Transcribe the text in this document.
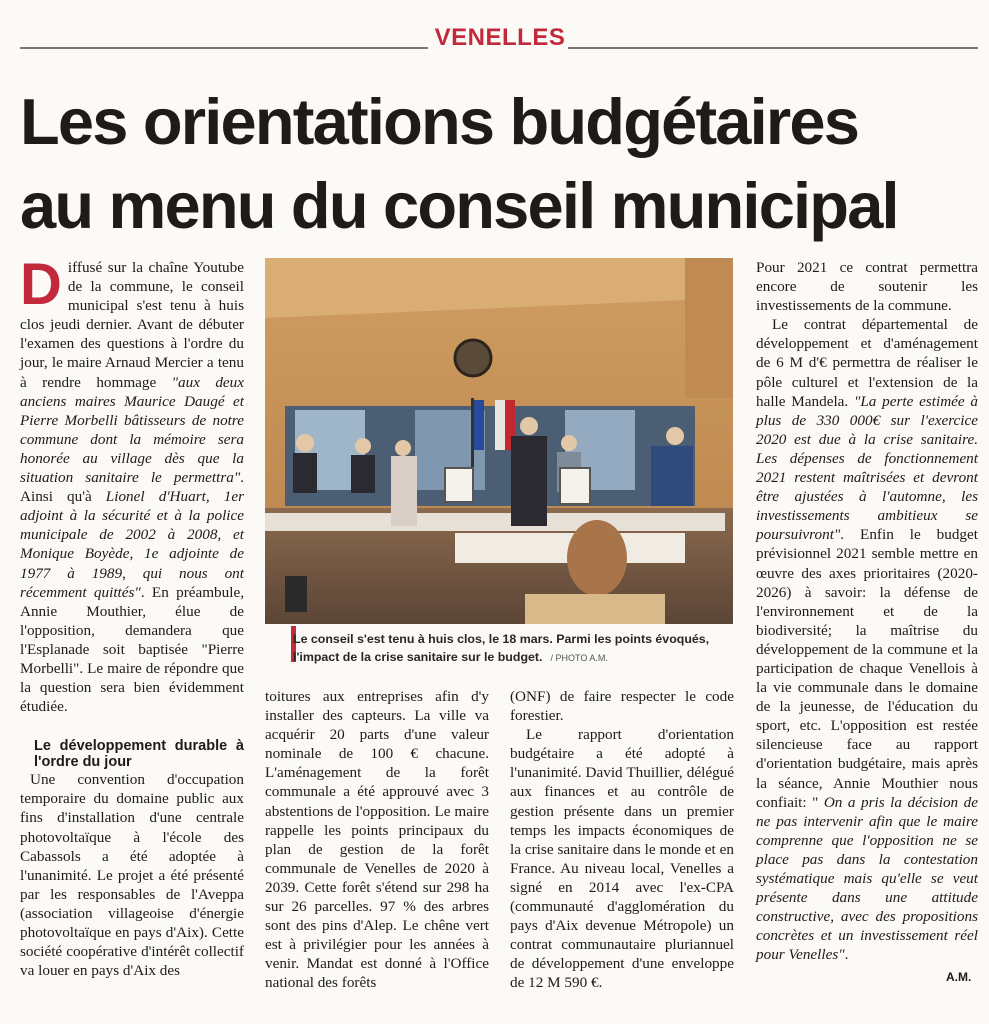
VENELLES
Les orientations budgétaires
au menu du conseil municipal

Diffusé sur la chaîne Youtube de la commune, le conseil municipal s'est tenu à huis clos jeudi dernier. Avant de débuter l'examen des questions à l'ordre du jour, le maire Arnaud Mercier a tenu à rendre hommage "aux deux anciens maires Maurice Daugé et Pierre Morbelli bâtisseurs de notre commune dont la mémoire sera honorée au village dès que la situation sanitaire le permettra". Ainsi qu'à Lionel d'Huart, 1er adjoint à la sécurité et à la police municipale de 2002 à 2008, et Monique Boyède, 1e adjointe de 1977 à 1989, qui nous ont récemment quittés". En préambule, Annie Mouthier, élue de l'opposition, demandera que l'Esplanade soit baptisée "Pierre Morbelli". Le maire de répondre que la question sera bien évidemment étudiée.

Le développement durable à l'ordre du jour

Une convention d'occupation temporaire du domaine public aux fins d'installation d'une centrale photovoltaïque à l'école des Cabassols a été adoptée à l'unanimité. Le projet a été présenté par les responsables de l'Aveppa (association villageoise d'énergie photovoltaïque en pays d'Aix). Cette société coopérative d'intérêt collectif va louer en pays d'Aix des

Le conseil s'est tenu à huis clos, le 18 mars. Parmi les points évoqués, l'impact de la crise sanitaire sur le budget. / PHOTO A.M.

toitures aux entreprises afin d'y installer des capteurs. La ville va acquérir 20 parts d'une valeur nominale de 100 € chacune. L'aménagement de la forêt communale a été approuvé avec 3 abstentions de l'opposition. Le maire rappelle les points principaux du plan de gestion de la forêt communale de Venelles de 2020 à 2039. Cette forêt s'étend sur 298 ha sur 26 parcelles. 97 % des arbres sont des pins d'Alep. Le chêne vert est à privilégier pour les années à venir. Mandat est donné à l'Office national des forêts

(ONF) de faire respecter le code forestier.

Le rapport d'orientation budgétaire a été adopté à l'unanimité. David Thuillier, délégué aux finances et au contrôle de gestion présente dans un premier temps les impacts économiques de la crise sanitaire dans le monde et en France. Au niveau local, Venelles a signé en 2014 avec l'ex-CPA (communauté d'agglomération du pays d'Aix devenue Métropole) un contrat communautaire pluriannuel de développement d'une enveloppe de 12 M 590 €.

Pour 2021 ce contrat permettra encore de soutenir les investissements de la commune.

Le contrat départemental de développement et d'aménagement de 6 M d'€ permettra de réaliser le pôle culturel et l'extension de la halle Mandela. "La perte estimée à plus de 330 000€ sur l'exercice 2020 est due à la crise sanitaire. Les dépenses de fonctionnement 2021 restent maîtrisées et devront être ajustées à l'automne, les investissements ambitieux se poursuivront". Enfin le budget prévisionnel 2021 semble mettre en œuvre des axes prioritaires (2020-2026) à savoir: la défense de l'environnement et de la biodiversité; la maîtrise du développement de la commune et la participation de chaque Venellois à la vie communale dans le domaine de la jeunesse, de l'éducation du sport, etc. L'opposition est restée silencieuse face au rapport d'orientation budgétaire, mais après la séance, Annie Mouthier nous confiait: " On a pris la décision de ne pas intervenir afin que le maire comprenne que l'opposition ne se place pas dans la contestation systématique mais qu'elle se veut présente dans une attitude constructive, avec des propositions concrètes et un investissement réel pour Venelles".

A.M.
